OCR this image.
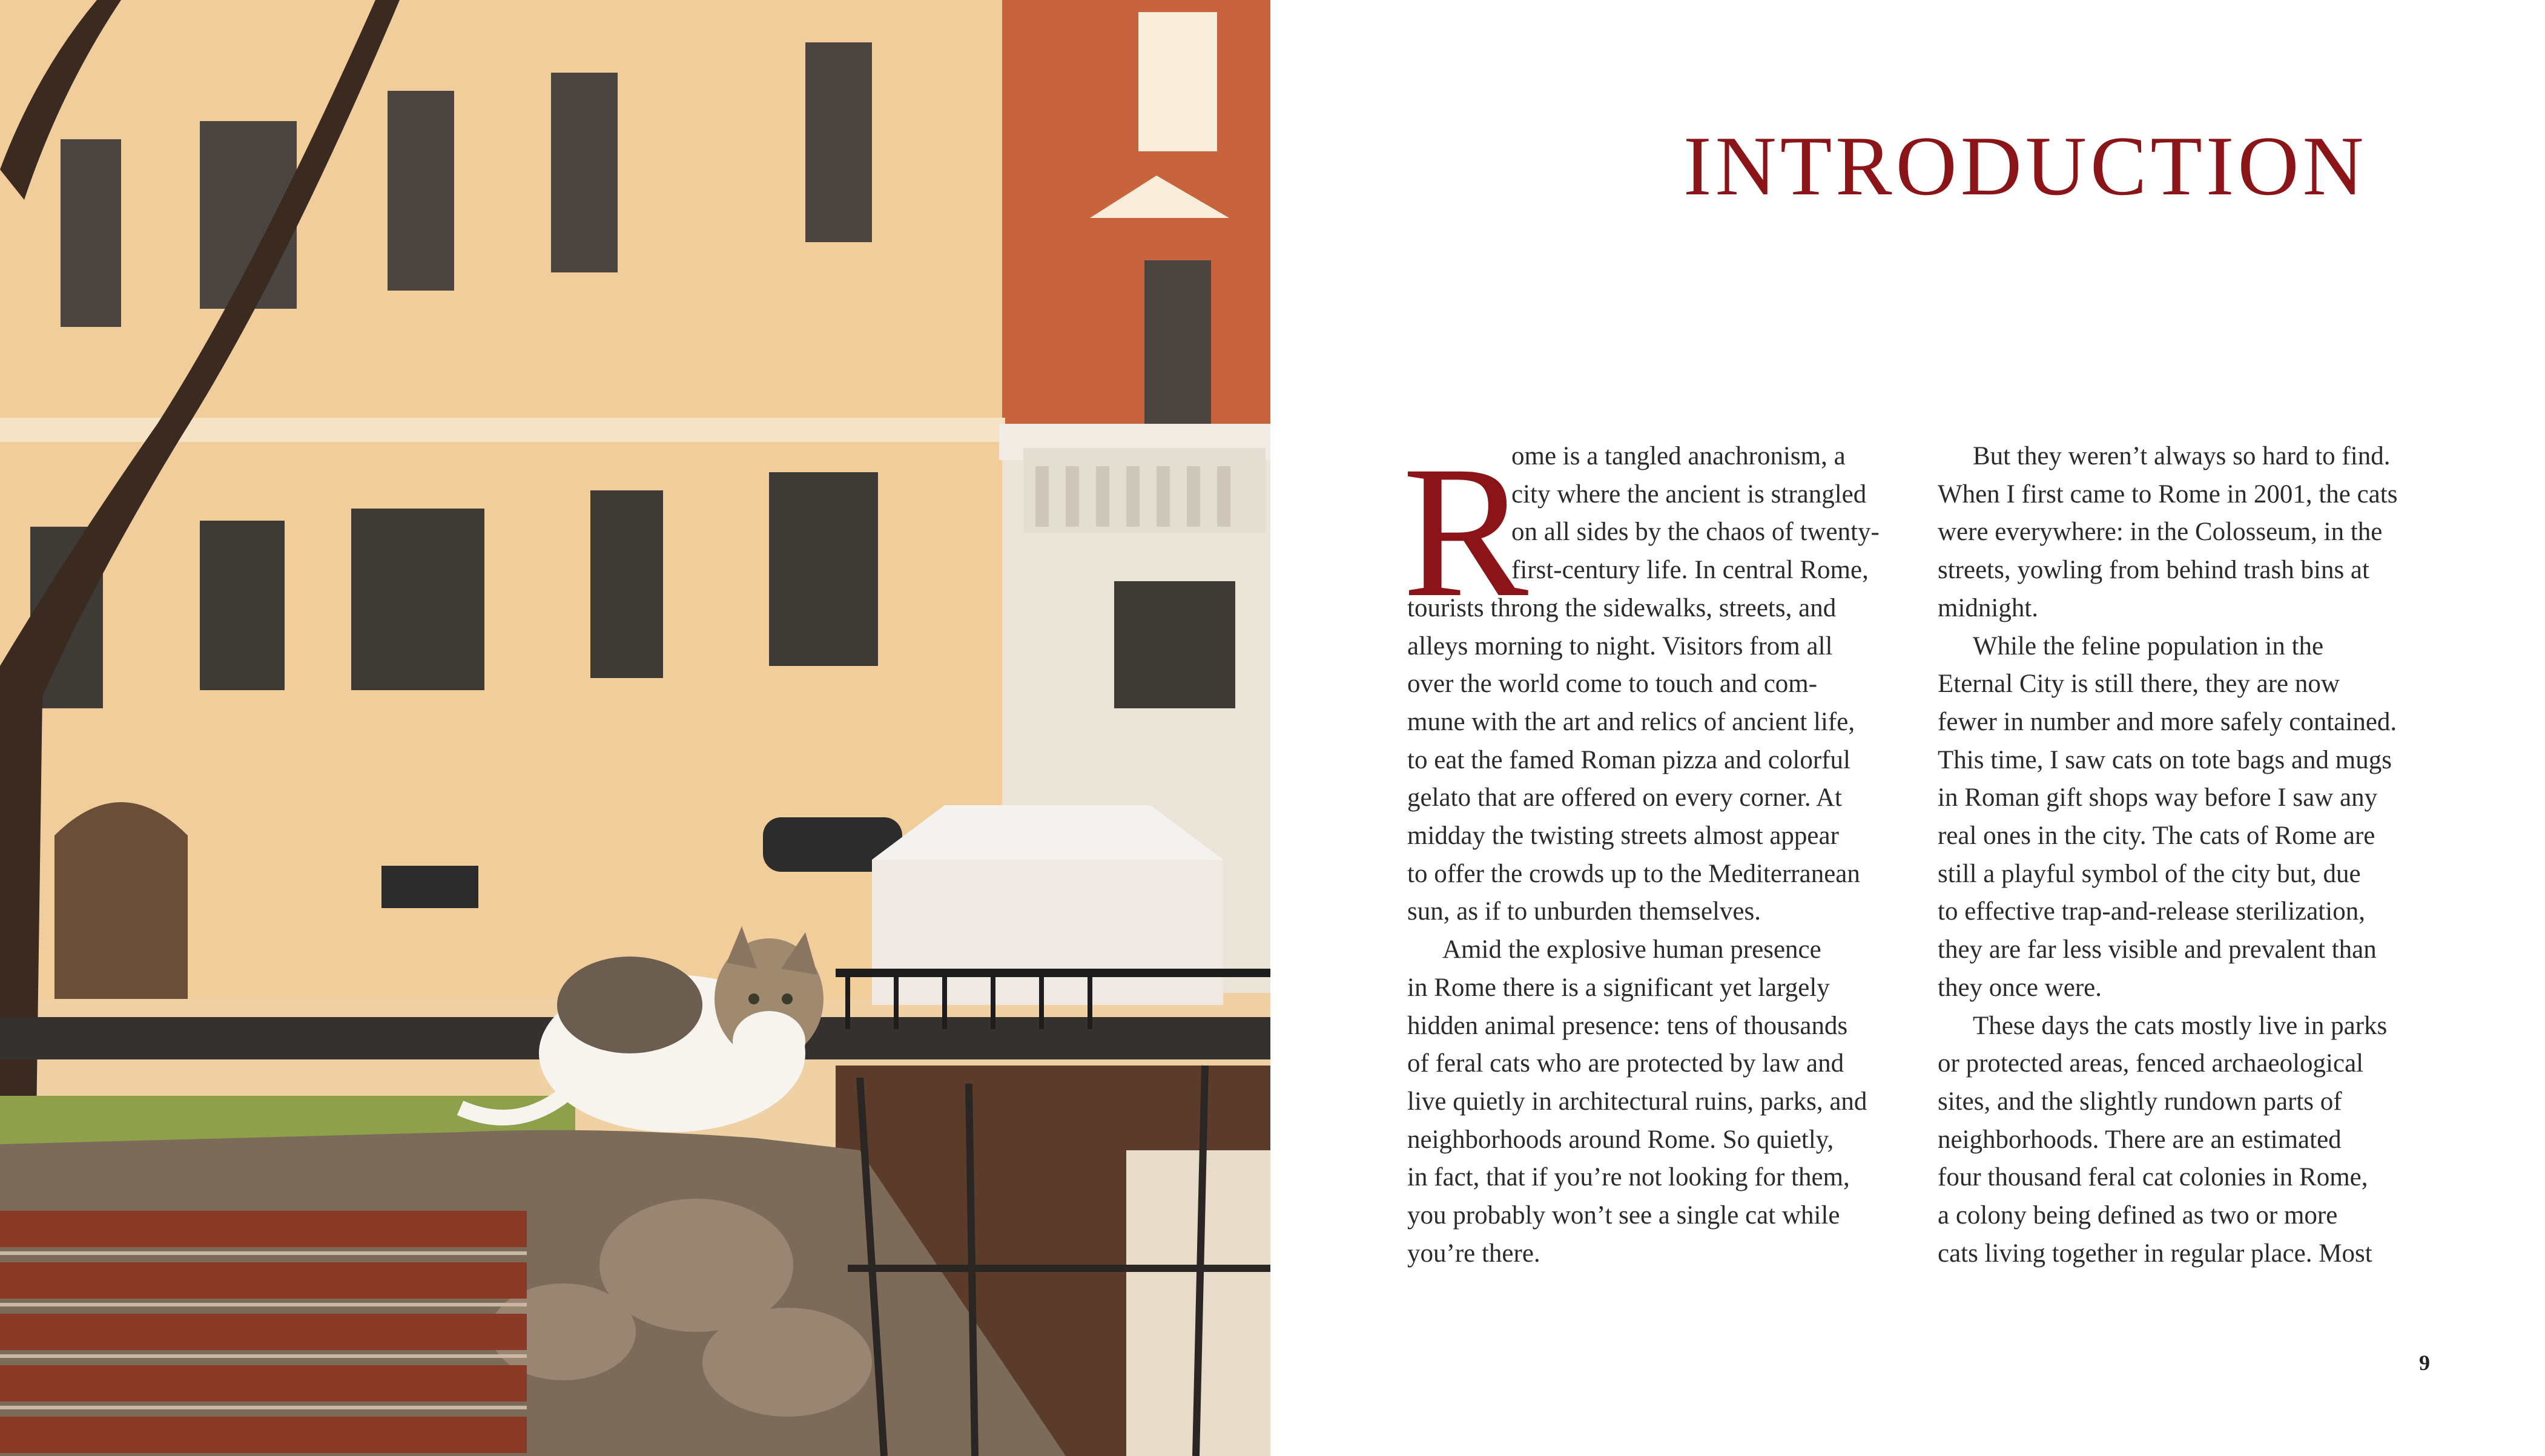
INTRODUCTION
R

ome is a tangled anachronism, a

city where the ancient is strangled

on all sides by the chaos of twenty-

first-century life. In central Rome,

tourists throng the sidewalks, streets, and

alleys morning to night. Visitors from all

over the world come to touch and com-

mune with the art and relics of ancient life,

to eat the famed Roman pizza and colorful

gelato that are offered on every corner. At

midday the twisting streets almost appear

to offer the crowds up to the Mediterranean

sun, as if to unburden themselves.

Amid the explosive human presence

in Rome there is a significant yet largely

hidden animal presence: tens of thousands

of feral cats who are protected by law and

live quietly in architectural ruins, parks, and

neighborhoods around Rome. So quietly,

in fact, that if you’re not looking for them,

you probably won’t see a single cat while

you’re there.

But they weren’t always so hard to find.

When I first came to Rome in 2001, the cats

were everywhere: in the Colosseum, in the

streets, yowling from behind trash bins at

midnight.

While the feline population in the

Eternal City is still there, they are now

fewer in number and more safely contained.

This time, I saw cats on tote bags and mugs

in Roman gift shops way before I saw any

real ones in the city. The cats of Rome are

still a playful symbol of the city but, due

to effective trap-and-release sterilization,

they are far less visible and prevalent than

they once were.

These days the cats mostly live in parks

or protected areas, fenced archaeological

sites, and the slightly rundown parts of

neighborhoods. There are an estimated

four thousand feral cat colonies in Rome,

a colony being defined as two or more

cats living together in regular place. Most

9
